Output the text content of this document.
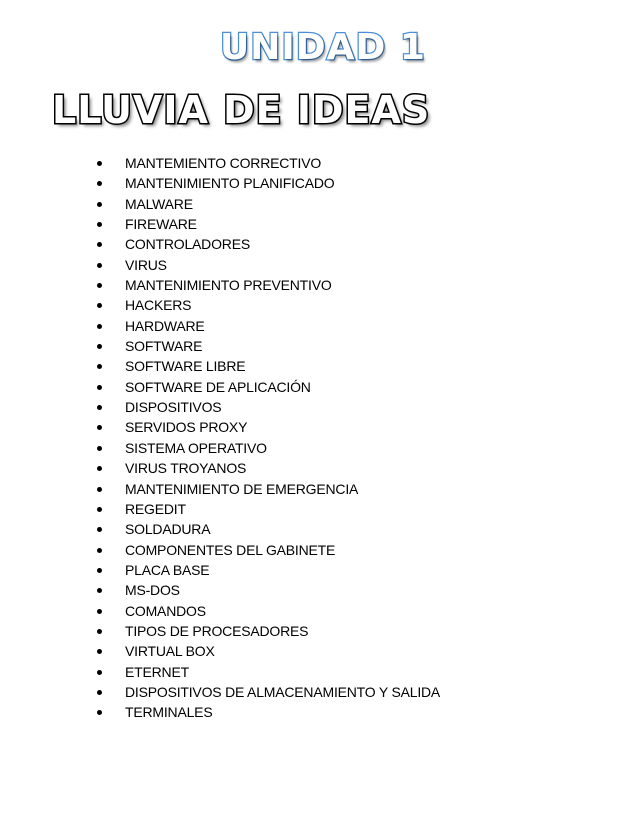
UNIDAD 1
LLUVIA DE IDEAS
MANTEMIENTO CORRECTIVO
MANTENIMIENTO PLANIFICADO
MALWARE
FIREWARE
CONTROLADORES
VIRUS
MANTENIMIENTO PREVENTIVO
HACKERS
HARDWARE
SOFTWARE
SOFTWARE LIBRE
SOFTWARE DE APLICACIÓN
DISPOSITIVOS
SERVIDOS PROXY
SISTEMA OPERATIVO
VIRUS TROYANOS
MANTENIMIENTO DE EMERGENCIA
REGEDIT
SOLDADURA
COMPONENTES DEL GABINETE
PLACA BASE
MS-DOS
COMANDOS
TIPOS DE PROCESADORES
VIRTUAL BOX
ETERNET
DISPOSITIVOS DE ALMACENAMIENTO Y SALIDA
TERMINALES
